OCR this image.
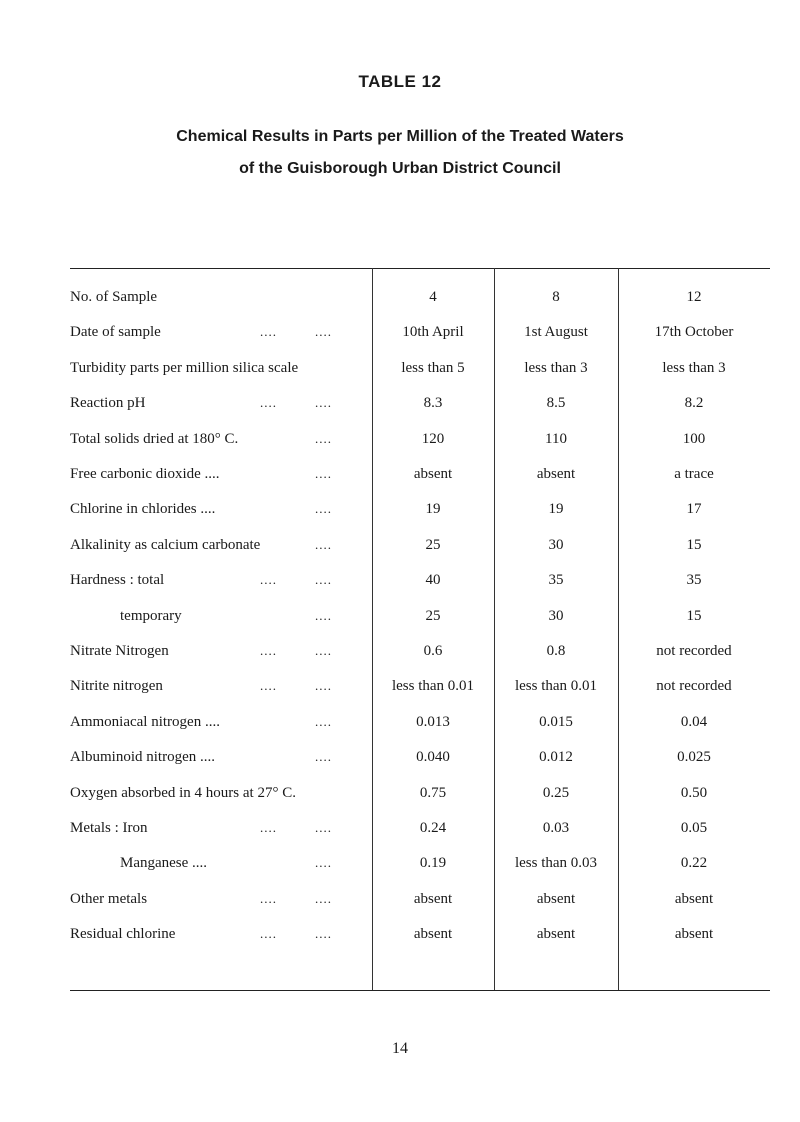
TABLE 12
Chemical Results in Parts per Million of the Treated Waters
of the Guisborough Urban District Council
No. of Sample	4	8	12
Date of sample	....	....	10th April	1st August	17th October
Turbidity parts per million silica scale	less than 5	less than 3	less than 3
Reaction pH	....	....	8.3	8.5	8.2
Total solids dried at 180° C.	....	120	110	100
Free carbonic dioxide ....	....	absent	absent	a trace
Chlorine in chlorides ....	....	19	19	17
Alkalinity as calcium carbonate	....	25	30	15
Hardness : total	....	....	40	35	35
temporary	....	25	30	15
Nitrate Nitrogen	....	....	0.6	0.8	not recorded
Nitrite nitrogen	....	....	less than 0.01	less than 0.01	not recorded
Ammoniacal nitrogen ....	....	0.013	0.015	0.04
Albuminoid nitrogen ....	....	0.040	0.012	0.025
Oxygen absorbed in 4 hours at 27° C.	0.75	0.25	0.50
Metals : Iron	....	....	0.24	0.03	0.05
Manganese ....	....	0.19	less than 0.03	0.22
Other metals	....	....	absent	absent	absent
Residual chlorine	....	....	absent	absent	absent
14
